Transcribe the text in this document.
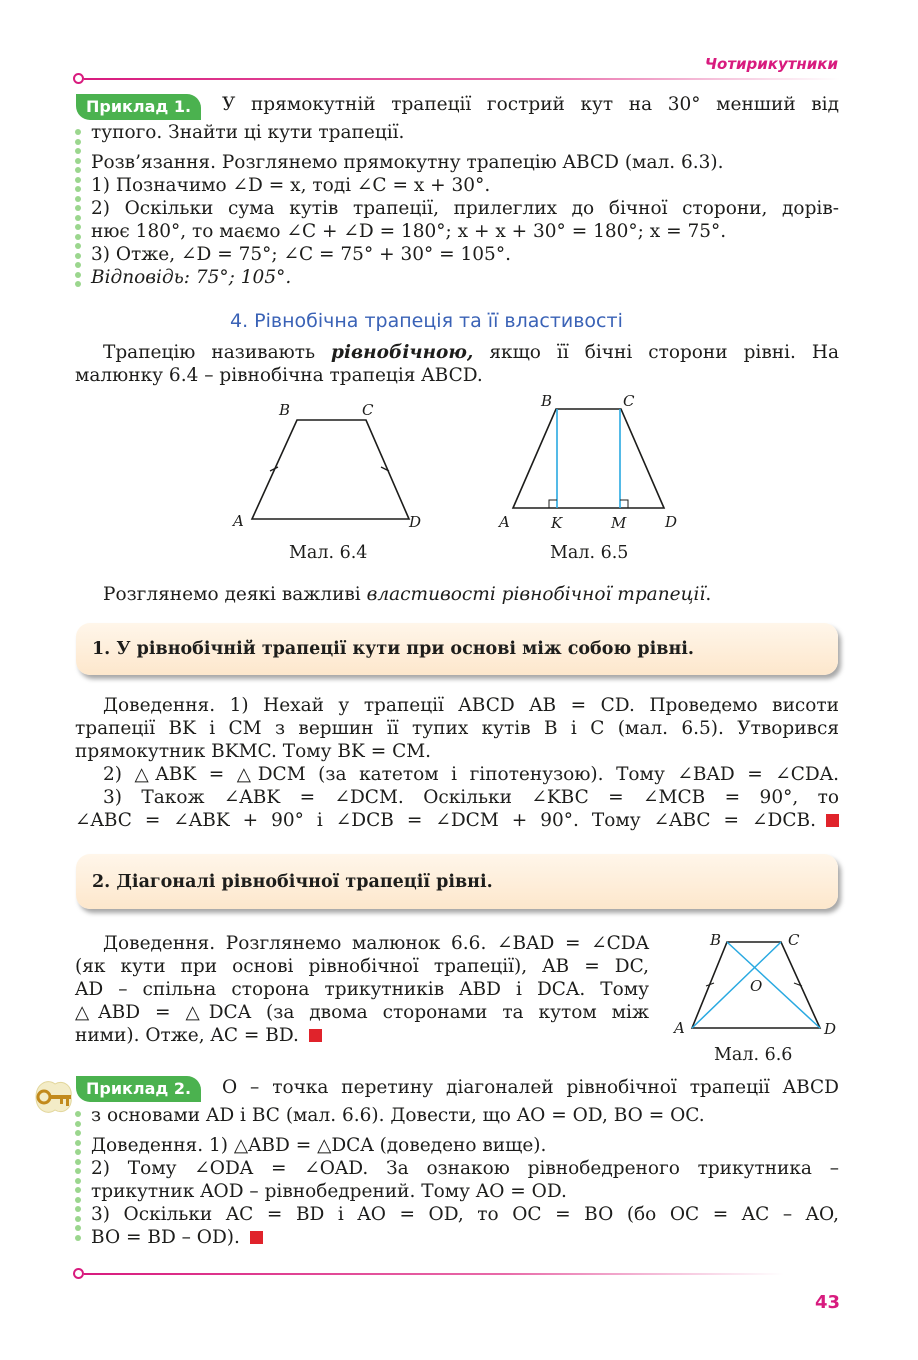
Чотирикутники
Приклад 1.	У прямокутній трапеції гострий кут на 30° менший від
тупого. Знайти ці кути трапеції.
Розв’язання. Розглянемо прямокутну трапецію ABCD (мал. 6.3).
1) Позначимо ∠D = x, тоді ∠C = x + 30°.
2) Оскільки сума кутів трапеції, прилеглих до бічної сторони, дорів-
нює 180°, то маємо ∠C + ∠D = 180°; x + x + 30° = 180°; x = 75°.
3) Отже, ∠D = 75°; ∠C = 75° + 30° = 105°.
Відповідь: 75°; 105°.
4. Рівнобічна трапеція та її властивості
Трапецію називають рівнобічною, якщо її бічні сторони рівні. На
малюнку 6.4 – рівнобічна трапеція ABCD.
A
B	C
D
Мал. 6.4
A
B	C
D
K	M
Мал. 6.5
Розглянемо деякі важливі властивості рівнобічної трапеції.
1. У рівнобічній трапеції кути при основі між собою рівні.
Доведення. 1) Нехай у трапеції ABCD AB = CD. Проведемо висоти
трапеції BK і CM з вершин її тупих кутів B і C (мал. 6.5). Утворився
прямокутник BKMC. Тому BK = CM.
2) △ABK = △DCM (за катетом і гіпотенузою). Тому ∠BAD = ∠CDA.
3) Також ∠ABK = ∠DCM. Оскільки ∠KBC = ∠MCB = 90°, то
∠ABC = ∠ABK + 90° і ∠DCB = ∠DCM + 90°. Тому ∠ABC = ∠DCB.
2. Діагоналі рівнобічної трапеції рівні.
Доведення. Розглянемо малюнок 6.6. ∠BAD = ∠CDA
(як кути при основі рівнобічної трапеції), AB = DC,
AD – спільна сторона трикутників ABD і DCA. Тому
△ABD = △DCA (за двома сторонами та кутом між
ними). Отже, AC = BD.	A
B	C
D
O
Мал. 6.6
Приклад 2.	O – точка перетину діагоналей рівнобічної трапеції ABCD
з основами AD і BC (мал. 6.6). Довести, що AO = OD, BO = OC.
Доведення. 1) △ABD = △DCA (доведено вище).
2) Тому ∠ODA = ∠OAD. За ознакою рівнобедреного трикутника –
трикутник AOD – рівнобедрений. Тому AO = OD.
3) Оскільки AC = BD і AO = OD, то OC = BO (бо OC = AC – AO,
BO = BD – OD).
43
